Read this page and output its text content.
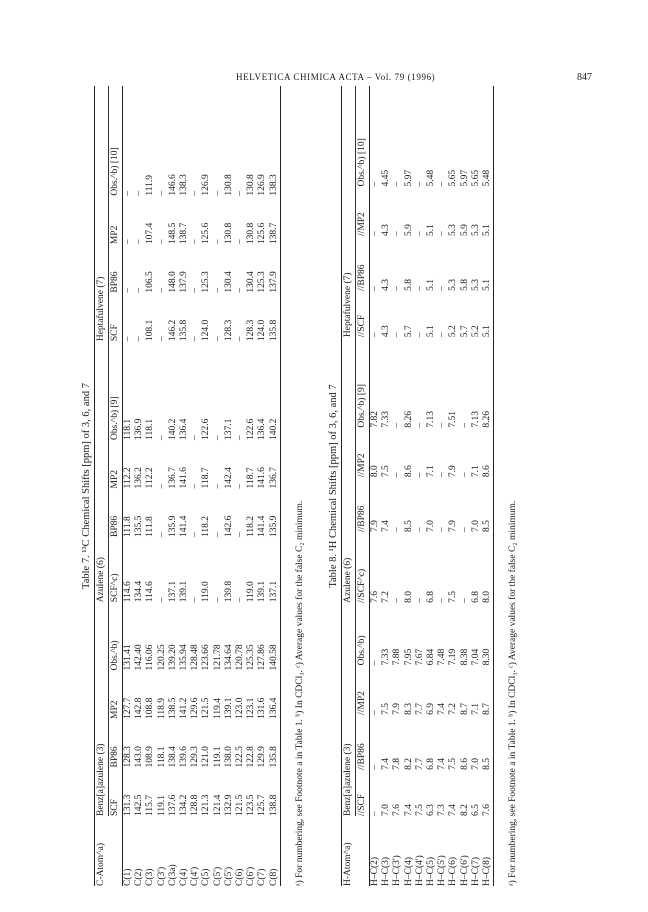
HELVETICA CHIMICA ACTA – Vol. 79 (1996)	847
Table 7. ¹³C Chemical Shifts [ppm] of 3, 6, and 7
C-Atom^a)	Benz[a]azulene (3)				Azulene (6)				Heptafulvene (7)			
	SCF	BP86	MP2	Obs.^b)	SCF^c)	BP86	MP2	Obs.^b) [9]	SCF	BP86	MP2	Obs.^b) [10]
C(1)	131.3	128.3	127.7	131.41	114.6	111.8	112.2	118.1	–	–	–	–
C(2)	142.5	143.0	142.8	142.40	134.4	135.5	136.2	136.9	–	–	–	–
C(3)	115.7	108.9	108.8	116.06	114.6	111.8	112.2	118.1	108.1	106.5	107.4	111.9
C(3')	119.1	118.1	118.9	120.25	–	–	–	–	–	–	–	–
C(3a)	137.6	138.4	138.5	139.20	137.1	135.9	136.7	140.2	146.2	148.0	148.5	146.6
C(4)	134.2	139.6	141.2	135.94	139.1	141.4	141.6	136.4	135.8	137.9	138.7	138.3
C(4')	128.8	129.3	129.6	128.48	–	–	–	–	–	–	–	–
C(5)	121.3	121.0	121.5	123.66	119.0	118.2	118.7	122.6	124.0	125.3	125.6	126.9
C(5')	121.4	119.1	119.4	121.78	–	–	–	–	–	–	–	–
C(5')	132.9	138.0	139.1	134.64	139.8	142.6	142.4	137.1	128.3	130.4	130.8	130.8
C(6)	121.5	122.5	123.0	120.78	–	–	–	–	–	–	–	–
C(6')	123.5	122.8	123.1	125.35	119.0	118.2	118.7	122.6	128.3	130.4	130.8	130.8
C(7)	125.7	129.9	131.6	127.86	139.1	141.4	141.6	136.4	124.0	125.3	125.6	126.9
C(8)	138.8	135.8	136.4	140.58	137.1	135.9	136.7	140.2	135.8	137.9	138.7	138.3

ᵃ) For numbering, see Footnote a in Table 1. ᵇ) In CDCl₃. ᶜ) Average values for the false C₂ minimum.
Table 8. ¹H Chemical Shifts [ppm] of 3, 6, and 7
H-Atom^a)	Benz[a]azulene (3)				Azulene (6)				Heptafulvene (7)			
	//SCF	//BP86	//MP2	Obs.^b)	//SCF^c)	//BP86	//MP2	Obs.^b) [9]	//SCF	//BP86	//MP2	Obs.^b) [10]
H–C(2)	–	–	–	–	7.6	7.9	8.0	7.82	–	–	–	–
H–C(3)	7.0	7.4	7.5	7.33	7.2	7.4	7.5	7.33	4.3	4.3	4.3	4.45
H–C(3')	7.6	7.8	7.9	7.88	–	–	–	–	–	–	–	–
H–C(4)	7.4	8.2	8.3	7.95	8.0	8.5	8.6	8.26	5.7	5.8	5.9	5.97
H–C(4')	7.5	7.7	7.7	7.67	–	–	–	–	–	–	–	–
H–C(5)	6.3	6.8	6.9	6.84	6.8	7.0	7.1	7.13	5.1	5.1	5.1	5.48
H–C(5')	7.3	7.4	7.4	7.48	–	–	–	–	–	–	–	–
H–C(6)	7.4	7.5	7.2	7.19	7.5	7.9	7.9	7.51	5.2	5.3	5.3	5.65
H–C(6')	8.2	8.6	8.7	8.38	–	–	–	–	5.7	5.8	5.9	5.97
H–C(7)	6.5	7.0	7.1	7.04	6.8	7.0	7.1	7.13	5.2	5.3	5.3	5.65
H–C(8)	7.6	8.5	8.7	8.30	8.0	8.5	8.6	8.26	5.1	5.1	5.1	5.48

ᵃ) For numbering, see Footnote a in Table 1. ᵇ) In CDCl₃. ᶜ) Average values for the false C₂ minimum.
